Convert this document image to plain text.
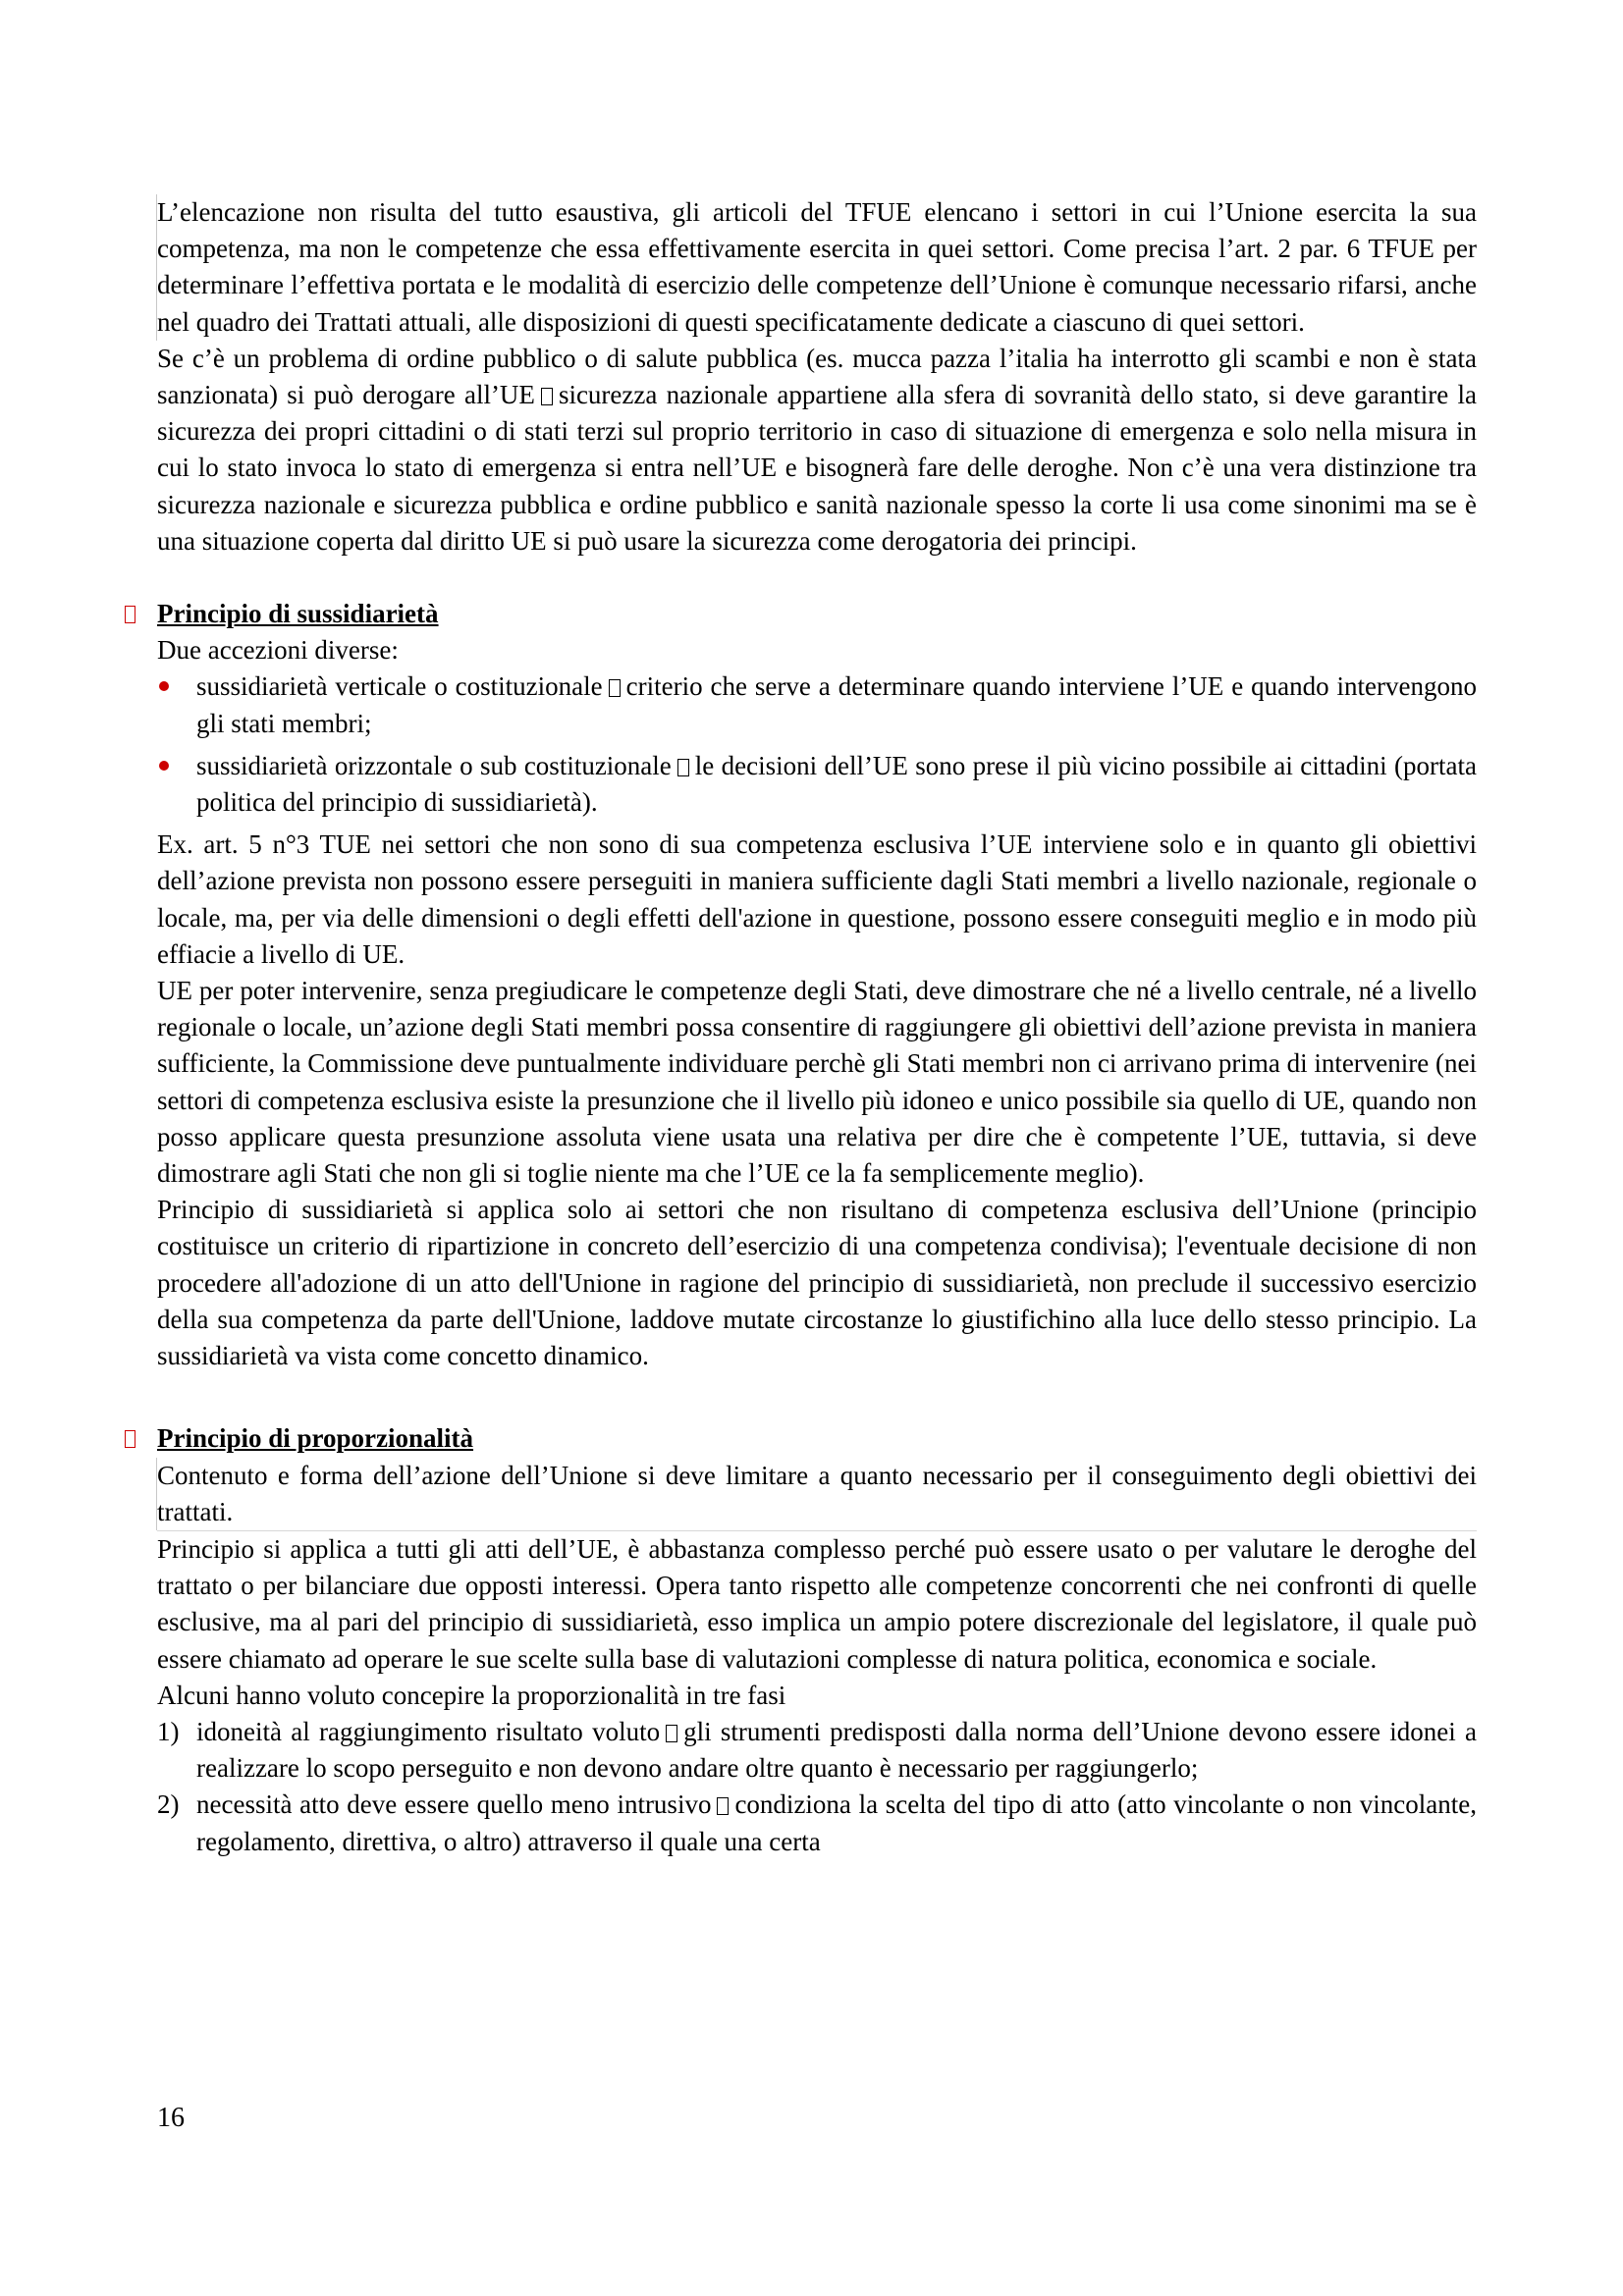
L’elencazione non risulta del tutto esaustiva, gli articoli del TFUE elencano i settori in cui l’Unione esercita la sua competenza, ma non le competenze che essa effettivamente esercita in quei settori. Come precisa l’art. 2 par. 6 TFUE per determinare l’effettiva portata e le modalità di esercizio delle competenze dell’Unione è comunque necessario rifarsi, anche nel quadro dei Trattati attuali, alle disposizioni di questi specificatamente dedicate a ciascuno di quei settori.

Se c’è un problema di ordine pubblico o di salute pubblica (es. mucca pazza l’italia ha interrotto gli scambi e non è stata sanzionata) si può derogare all’UE sicurezza nazionale appartiene alla sfera di sovranità dello stato, si deve garantire la sicurezza dei propri cittadini o di stati terzi sul proprio territorio in caso di situazione di emergenza e solo nella misura in cui lo stato invoca lo stato di emergenza si entra nell’UE e bisognerà fare delle deroghe. Non c’è una vera distinzione tra sicurezza nazionale e sicurezza pubblica e ordine pubblico e sanità nazionale spesso la corte li usa come sinonimi ma se è una situazione coperta dal diritto UE si può usare la sicurezza come derogatoria dei principi.

Principio di sussidiarietà

Due accezioni diverse:

sussidiarietà verticale o costituzionale criterio che serve a determinare quando interviene l’UE e quando intervengono gli stati membri;
sussidiarietà orizzontale o sub costituzionale le decisioni dell’UE sono prese il più vicino possibile ai cittadini (portata politica del principio di sussidiarietà).

Ex. art. 5 n°3 TUE nei settori che non sono di sua competenza esclusiva l’UE interviene solo e in quanto gli obiettivi dell’azione prevista non possono essere perseguiti in maniera sufficiente dagli Stati membri a livello nazionale, regionale o locale, ma, per via delle dimensioni o degli effetti dell'azione in questione, possono essere conseguiti meglio e in modo più effiacie a livello di UE.

UE per poter intervenire, senza pregiudicare le competenze degli Stati, deve dimostrare che né a livello centrale, né a livello regionale o locale, un’azione degli Stati membri possa consentire di raggiungere gli obiettivi dell’azione prevista in maniera sufficiente, la Commissione deve puntualmente individuare perchè gli Stati membri non ci arrivano prima di intervenire (nei settori di competenza esclusiva esiste la presunzione che il livello più idoneo e unico possibile sia quello di UE, quando non posso applicare questa presunzione assoluta viene usata una relativa per dire che è competente l’UE, tuttavia, si deve dimostrare agli Stati che non gli si toglie niente ma che l’UE ce la fa semplicemente meglio).

Principio di sussidiarietà si applica solo ai settori che non risultano di competenza esclusiva dell’Unione (principio costituisce un criterio di ripartizione in concreto dell’esercizio di una competenza condivisa); l'eventuale decisione di non procedere all'adozione di un atto dell'Unione in ragione del principio di sussidiarietà, non preclude il successivo esercizio della sua competenza da parte dell'Unione, laddove mutate circostanze lo giustifichino alla luce dello stesso principio. La sussidiarietà va vista come concetto dinamico.

Principio di proporzionalità

Contenuto e forma dell’azione dell’Unione si deve limitare a quanto necessario per il conseguimento degli obiettivi dei trattati.

Principio si applica a tutti gli atti dell’UE, è abbastanza complesso perché può essere usato o per valutare le deroghe del trattato o per bilanciare due opposti interessi. Opera tanto rispetto alle competenze concorrenti che nei confronti di quelle esclusive, ma al pari del principio di sussidiarietà, esso implica un ampio potere discrezionale del legislatore, il quale può essere chiamato ad operare le sue scelte sulla base di valutazioni complesse di natura politica, economica e sociale.

Alcuni hanno voluto concepire la proporzionalità in tre fasi

1) idoneità al raggiungimento risultato voluto gli strumenti predisposti dalla norma dell’Unione devono essere idonei a realizzare lo scopo perseguito e non devono andare oltre quanto è necessario per raggiungerlo;
2) necessità atto deve essere quello meno intrusivo condiziona la scelta del tipo di atto (atto vincolante o non vincolante, regolamento, direttiva, o altro) attraverso il quale una certa
16
